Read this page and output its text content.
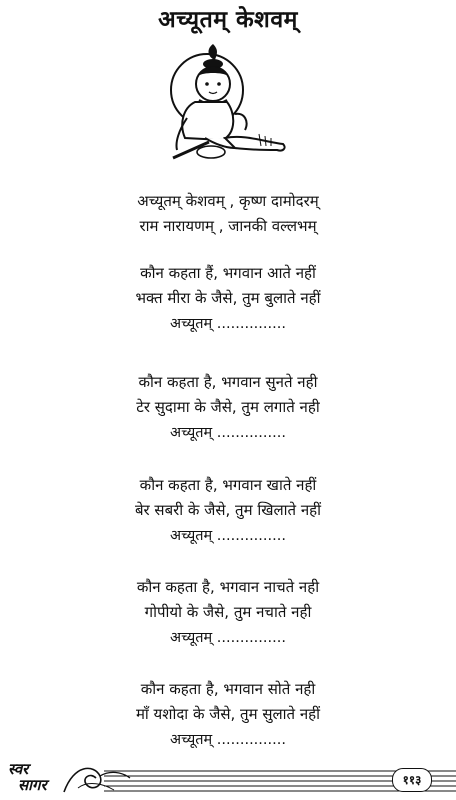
अच्यूतम् केशवम्
अच्यूतम् केशवम् , कृष्ण दामोदरम्
राम नारायणम् , जानकी वल्लभम्
कौन कहता हैं, भगवान आते नहीं
भक्त मीरा के जैसे, तुम बुलाते नहीं
अच्यूतम् ...............
कौन कहता है, भगवान सुनते नही
टेर सुदामा के जैसे, तुम लगाते नही
अच्यूतम् ...............
कौन कहता है, भगवान खाते नहीं
बेर सबरी के जैसे, तुम खिलाते नहीं
अच्यूतम् ...............
कौन कहता है, भगवान नाचते नही
गोपीयो के जैसे, तुम नचाते नही
अच्यूतम् ...............
कौन कहता है, भगवान सोते नही
माँ यशोदा के जैसे, तुम सुलाते नहीं
अच्यूतम् ...............
स्वर
सागर	११३
